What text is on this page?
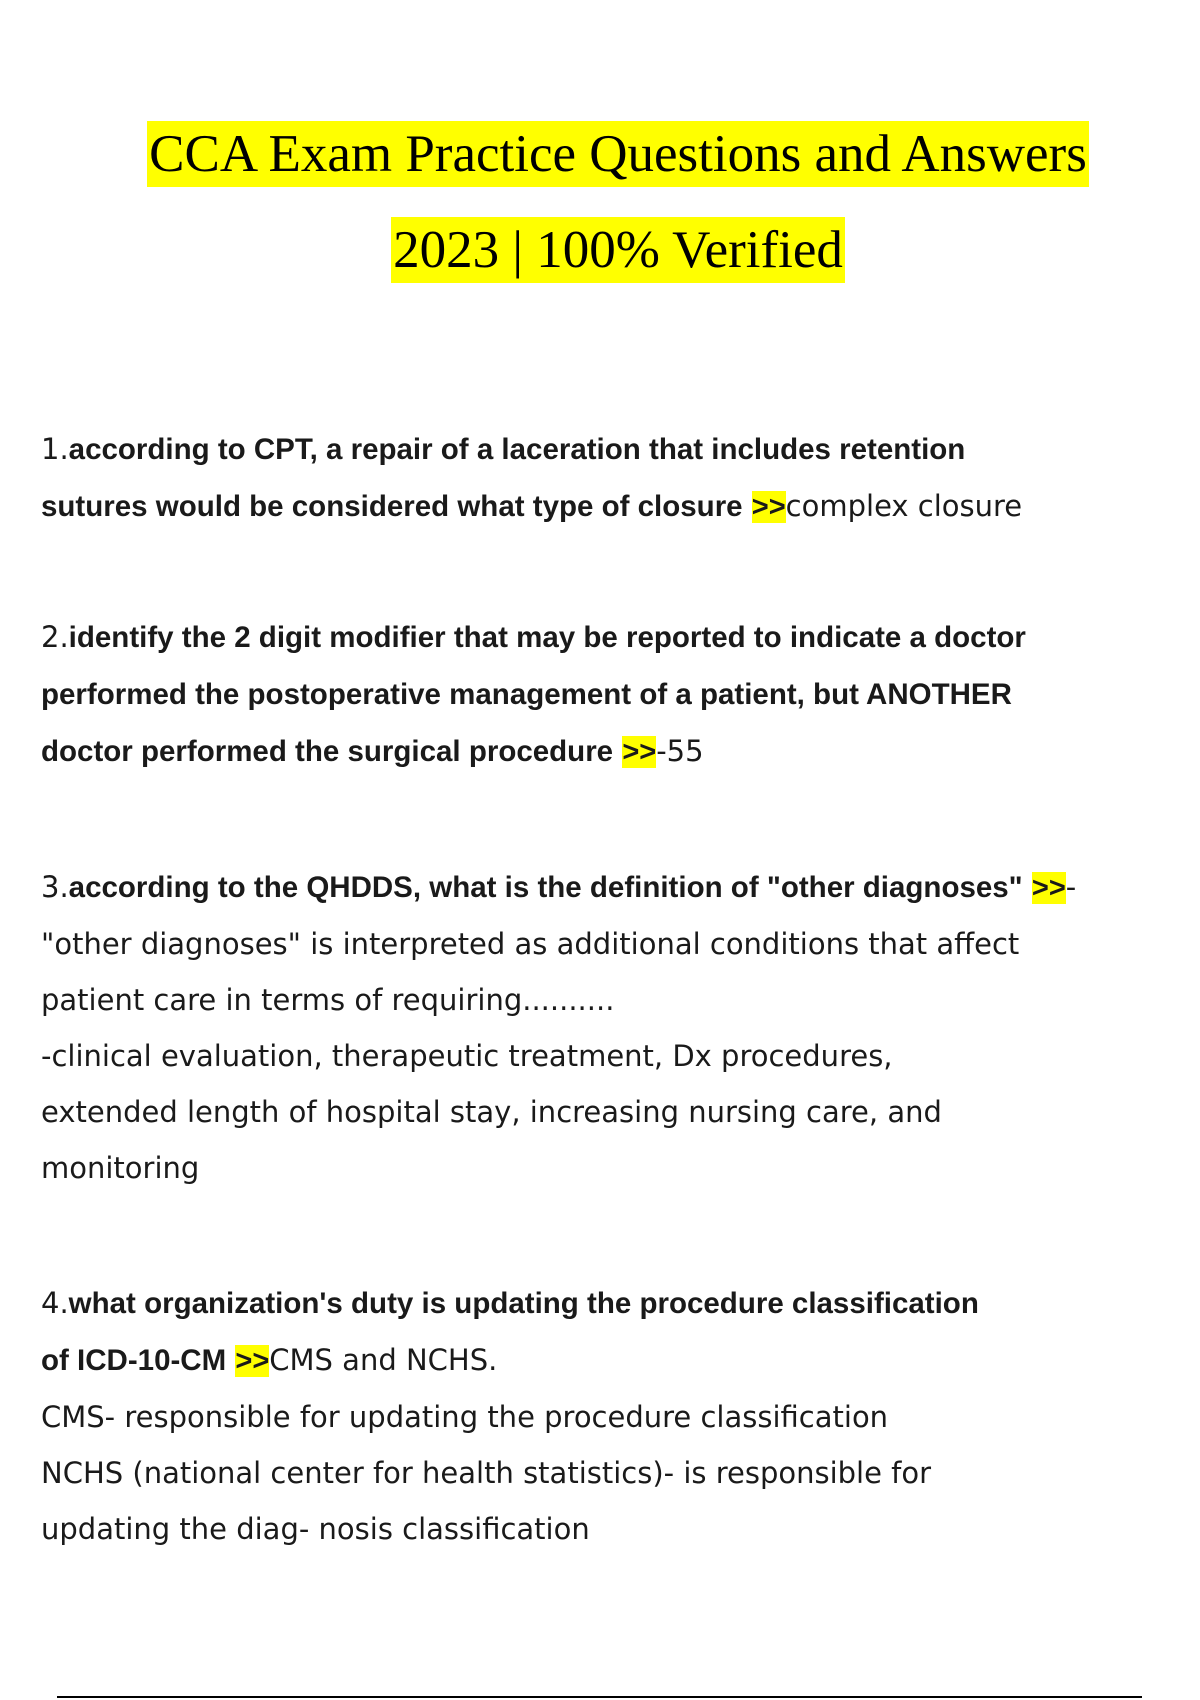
CCA Exam Practice Questions and Answers
2023 | 100% Verified
1.according to CPT, a repair of a laceration that includes retention
sutures would be considered what type of closure >>complex closure
2.identify the 2 digit modifier that may be reported to indicate a doctor
performed the postoperative management of a patient, but ANOTHER
doctor performed the surgical procedure >>-55
3.according to the QHDDS, what is the definition of "other diagnoses" >>-
"other diagnoses" is interpreted as additional conditions that affect
patient care in terms of requiring..........
-clinical evaluation, therapeutic treatment, Dx procedures,
extended length of hospital stay, increasing nursing care, and
monitoring
4.what organization's duty is updating the procedure classification
of ICD-10-CM >>CMS and NCHS.
CMS- responsible for updating the procedure classification
NCHS (national center for health statistics)- is responsible for
updating the diag- nosis classification
